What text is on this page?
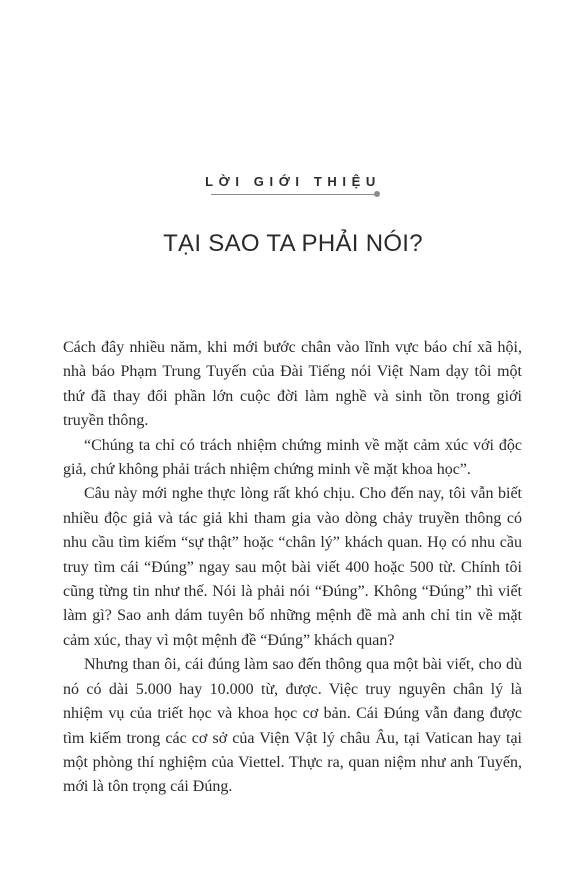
LỜI GIỚI THIỆU
TẠI SAO TA PHẢI NÓI?

Cách đây nhiều năm, khi mới bước chân vào lĩnh vực báo chí xã hội, nhà báo Phạm Trung Tuyến của Đài Tiếng nói Việt Nam dạy tôi một thứ đã thay đổi phần lớn cuộc đời làm nghề và sinh tồn trong giới truyền thông.

“Chúng ta chỉ có trách nhiệm chứng minh về mặt cảm xúc với độc giả, chứ không phải trách nhiệm chứng minh về mặt khoa học”.

Câu này mới nghe thực lòng rất khó chịu. Cho đến nay, tôi vẫn biết nhiều độc giả và tác giả khi tham gia vào dòng chảy truyền thông có nhu cầu tìm kiếm “sự thật” hoặc “chân lý” khách quan. Họ có nhu cầu truy tìm cái “Đúng” ngay sau một bài viết 400 hoặc 500 từ. Chính tôi cũng từng tin như thế. Nói là phải nói “Đúng”. Không “Đúng” thì viết làm gì? Sao anh dám tuyên bố những mệnh đề mà anh chỉ tin về mặt cảm xúc, thay vì một mệnh đề “Đúng” khách quan?

Nhưng than ôi, cái đúng làm sao đến thông qua một bài viết, cho dù nó có dài 5.000 hay 10.000 từ, được. Việc truy nguyên chân lý là nhiệm vụ của triết học và khoa học cơ bản. Cái Đúng vẫn đang được tìm kiếm trong các cơ sở của Viện Vật lý châu Âu, tại Vatican hay tại một phòng thí nghiệm của Viettel. Thực ra, quan niệm như anh Tuyến, mới là tôn trọng cái Đúng.
